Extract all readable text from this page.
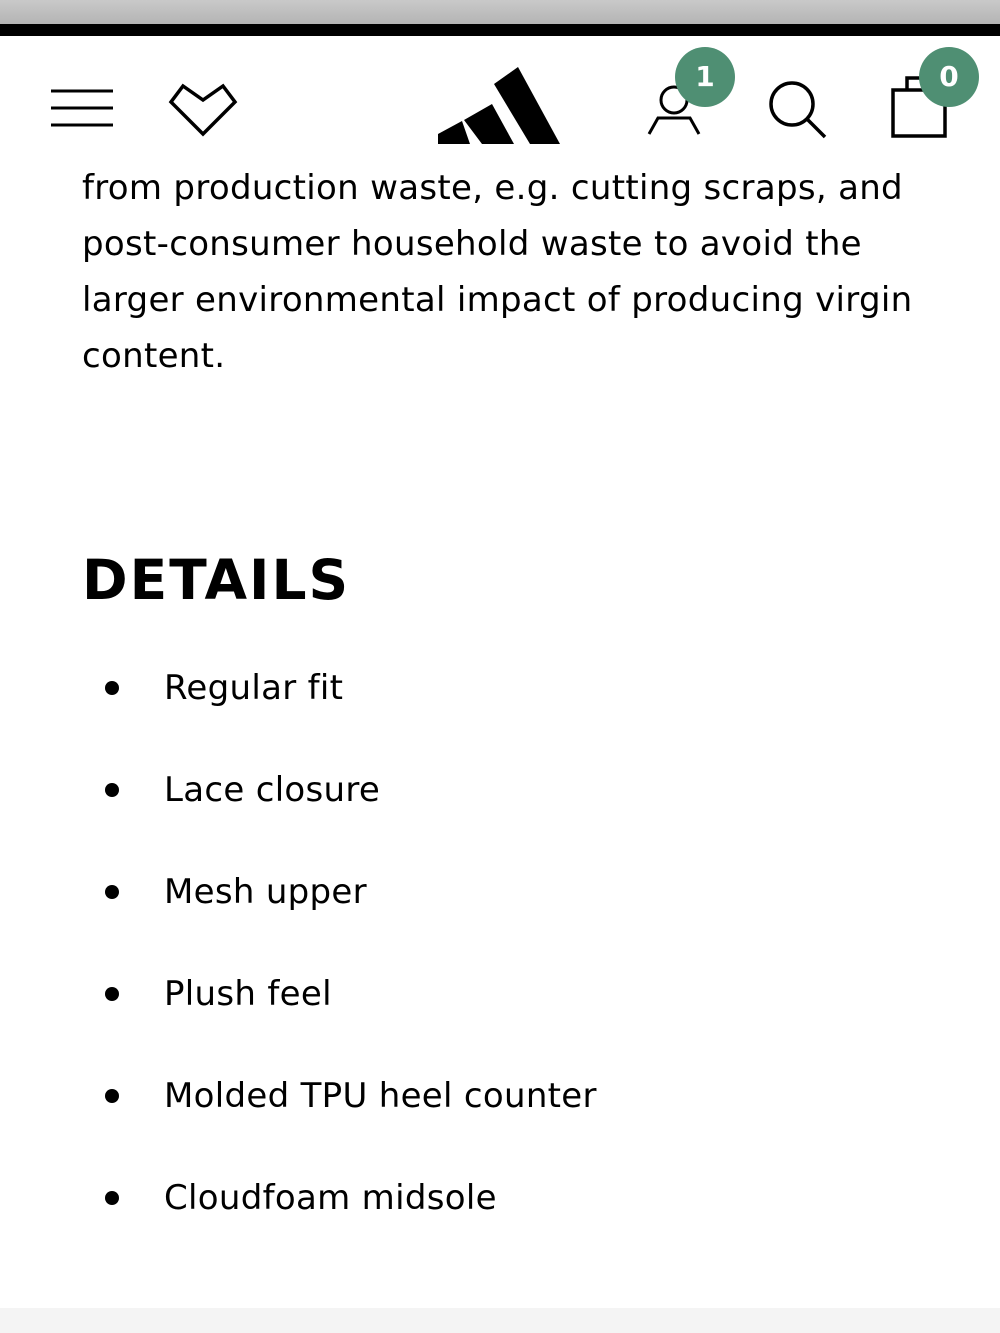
from production waste, e.g. cutting scraps, and post-consumer household waste to avoid the larger environmental impact of producing virgin content.

1	0
DETAILS
Regular fit
Lace closure
Mesh upper
Plush feel
Molded TPU heel counter
Cloudfoam midsole
